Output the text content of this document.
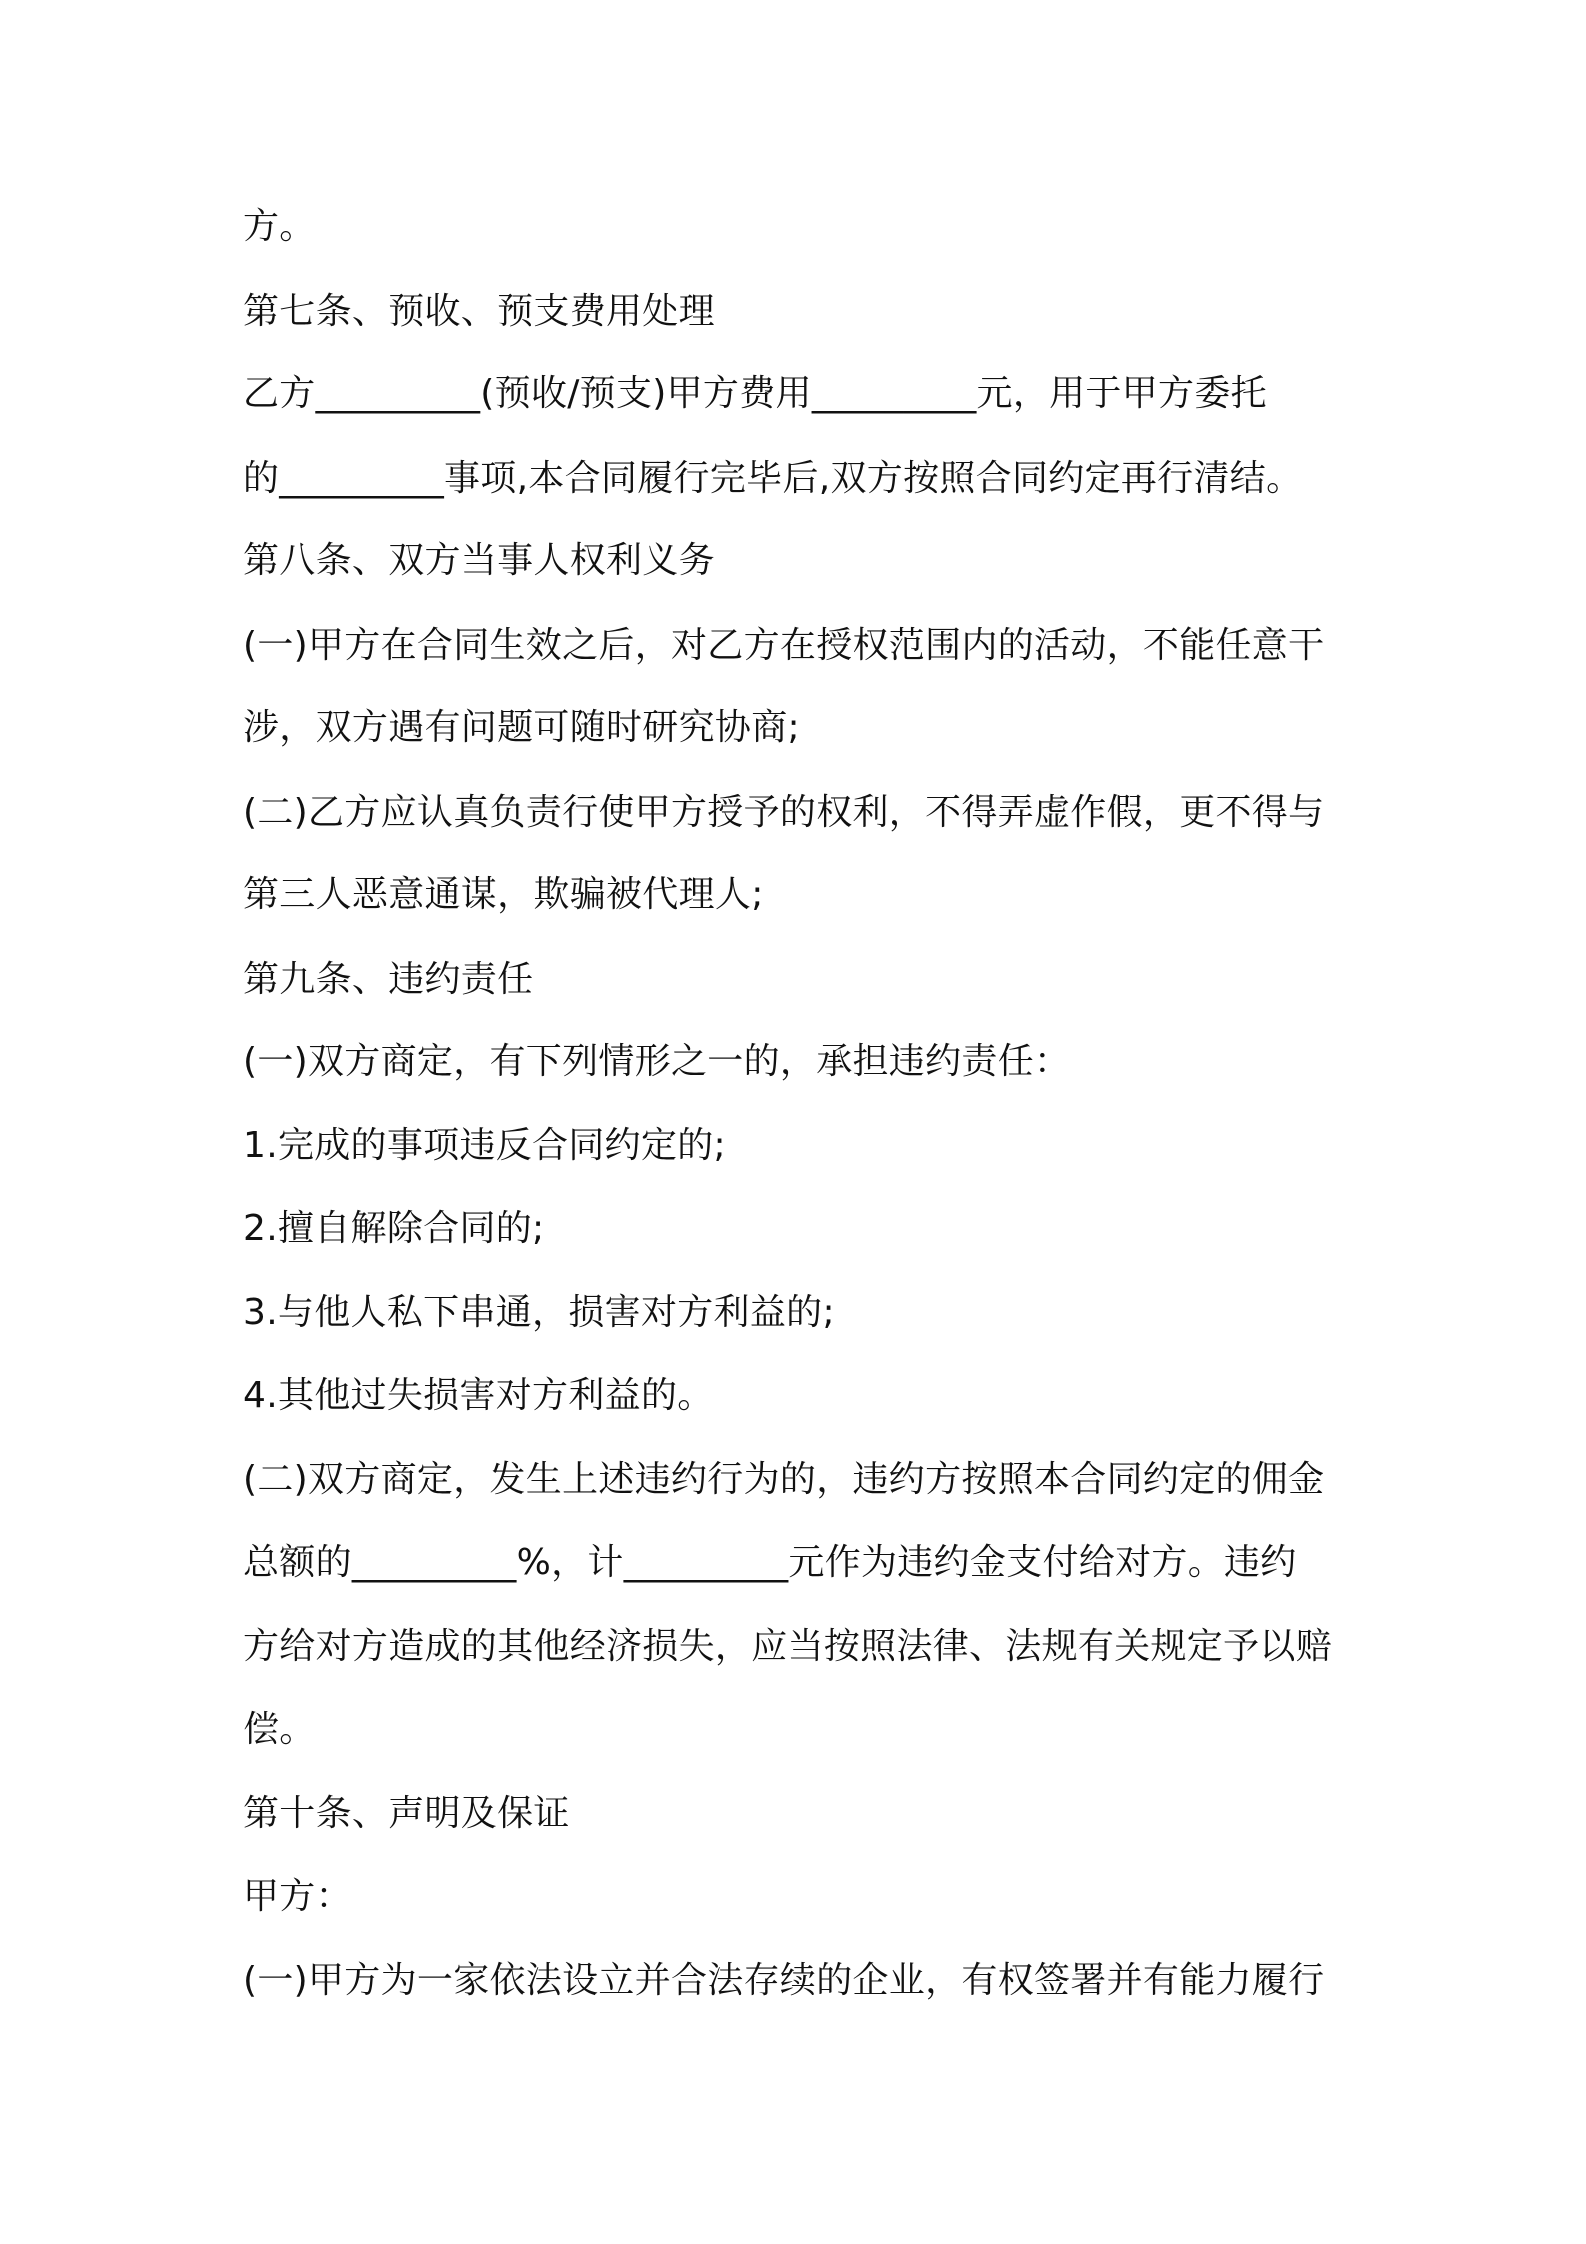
方。
第七条、预收、预支费用处理
乙方_________(预收/预支)甲方费用_________元，用于甲方委托
的_________事项,本合同履行完毕后,双方按照合同约定再行清结。
第八条、双方当事人权利义务
(一)甲方在合同生效之后，对乙方在授权范围内的活动，不能任意干
涉，双方遇有问题可随时研究协商;
(二)乙方应认真负责行使甲方授予的权利，不得弄虚作假，更不得与
第三人恶意通谋，欺骗被代理人;
第九条、违约责任
(一)双方商定，有下列情形之一的，承担违约责任：
1.完成的事项违反合同约定的;
2.擅自解除合同的;
3.与他人私下串通，损害对方利益的;
4.其他过失损害对方利益的。
(二)双方商定，发生上述违约行为的，违约方按照本合同约定的佣金
总额的_________%，计_________元作为违约金支付给对方。违约
方给对方造成的其他经济损失，应当按照法律、法规有关规定予以赔
偿。
第十条、声明及保证
甲方：
(一)甲方为一家依法设立并合法存续的企业，有权签署并有能力履行
